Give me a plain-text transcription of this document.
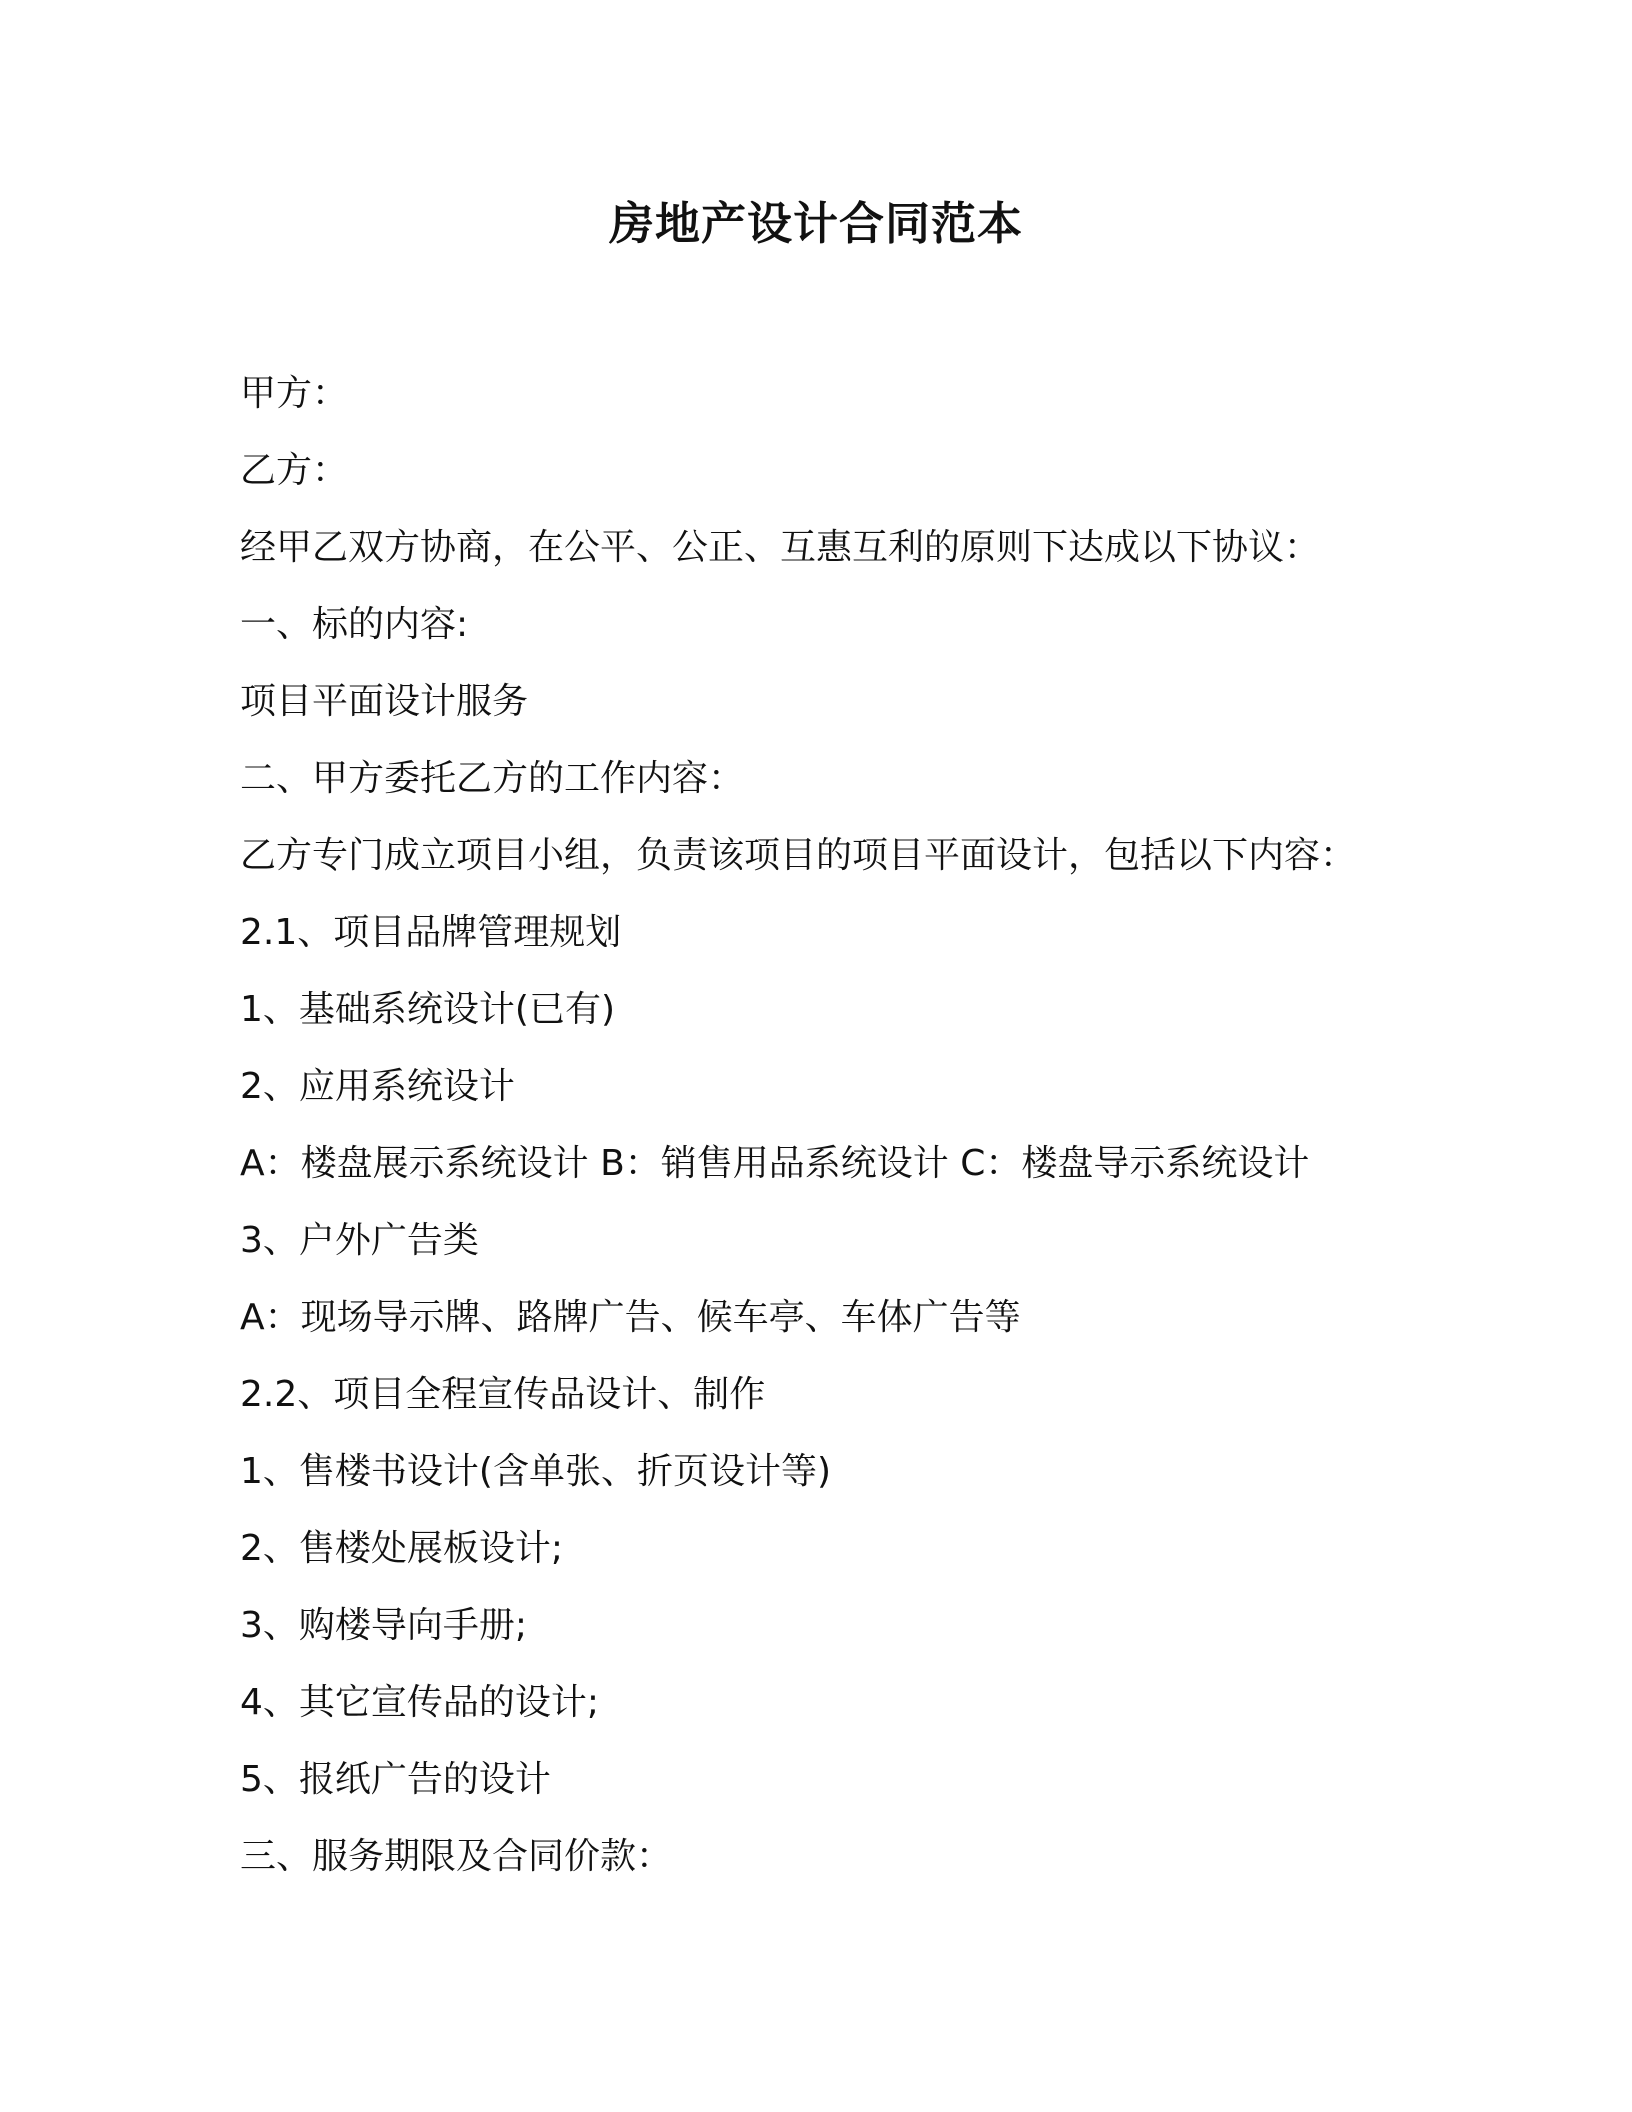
房地产设计合同范本
甲方：
乙方：
经甲乙双方协商，在公平、公正、互惠互利的原则下达成以下协议：
一、标的内容:
项目平面设计服务
二、甲方委托乙方的工作内容：
乙方专门成立项目小组，负责该项目的项目平面设计，包括以下内容：
2.1、项目品牌管理规划
1、基础系统设计(已有)
2、应用系统设计
A：楼盘展示系统设计 B：销售用品系统设计 C：楼盘导示系统设计
3、户外广告类
A：现场导示牌、路牌广告、候车亭、车体广告等
2.2、项目全程宣传品设计、制作
1、售楼书设计(含单张、折页设计等)
2、售楼处展板设计;
3、购楼导向手册;
4、其它宣传品的设计;
5、报纸广告的设计
三、服务期限及合同价款：
